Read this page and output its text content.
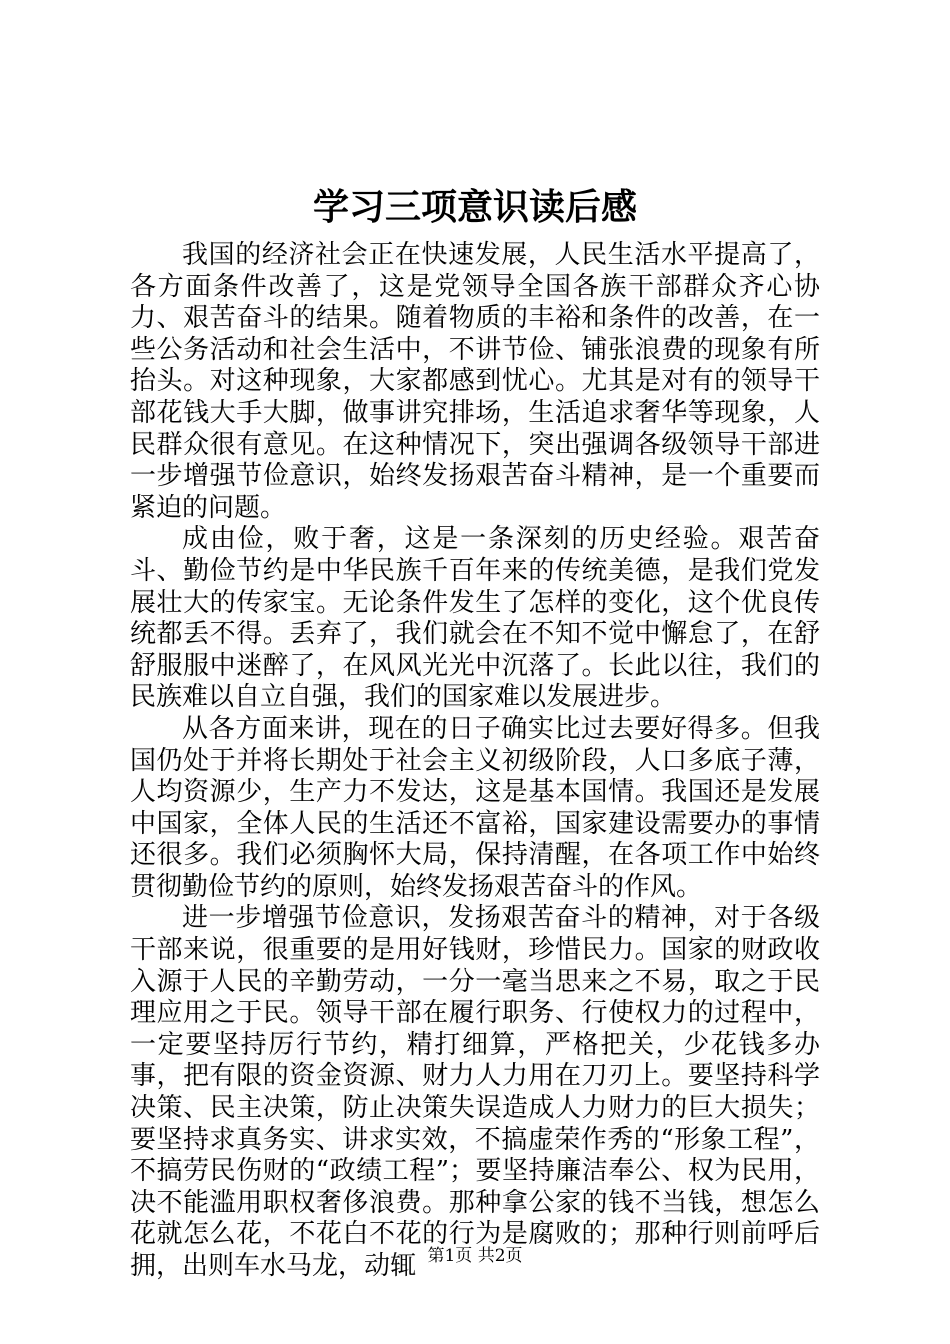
学习三项意识读后感

我国的经济社会正在快速发展，人民生活水平提高了，各方面条件改善了，这是党领导全国各族干部群众齐心协力、艰苦奋斗的结果。随着物质的丰裕和条件的改善，在一些公务活动和社会生活中，不讲节俭、铺张浪费的现象有所抬头。对这种现象，大家都感到忧心。尤其是对有的领导干部花钱大手大脚，做事讲究排场，生活追求奢华等现象，人民群众很有意见。在这种情况下，突出强调各级领导干部进一步增强节俭意识，始终发扬艰苦奋斗精神，是一个重要而紧迫的问题。

成由俭，败于奢，这是一条深刻的历史经验。艰苦奋斗、勤俭节约是中华民族千百年来的传统美德，是我们党发展壮大的传家宝。无论条件发生了怎样的变化，这个优良传统都丢不得。丢弃了，我们就会在不知不觉中懈怠了，在舒舒服服中迷醉了，在风风光光中沉落了。长此以往，我们的民族难以自立自强，我们的国家难以发展进步。

从各方面来讲，现在的日子确实比过去要好得多。但我国仍处于并将长期处于社会主义初级阶段，人口多底子薄，人均资源少，生产力不发达，这是基本国情。我国还是发展中国家，全体人民的生活还不富裕，国家建设需要办的事情还很多。我们必须胸怀大局，保持清醒，在各项工作中始终贯彻勤俭节约的原则，始终发扬艰苦奋斗的作风。

进一步增强节俭意识，发扬艰苦奋斗的精神，对于各级干部来说，很重要的是用好钱财，珍惜民力。国家的财政收入源于人民的辛勤劳动，一分一毫当思来之不易，取之于民理应用之于民。领导干部在履行职务、行使权力的过程中，一定要坚持厉行节约，精打细算，严格把关，少花钱多办事，把有限的资金资源、财力人力用在刀刃上。要坚持科学决策、民主决策，防止决策失误造成人力财力的巨大损失；要坚持求真务实、讲求实效，不搞虚荣作秀的“形象工程”，不搞劳民伤财的“政绩工程”；要坚持廉洁奉公、权为民用，决不能滥用职权奢侈浪费。那种拿公家的钱不当钱，想怎么花就怎么花，不花白不花的行为是腐败的；那种行则前呼后拥，出则车水马龙，动辄 第1页 共2页
